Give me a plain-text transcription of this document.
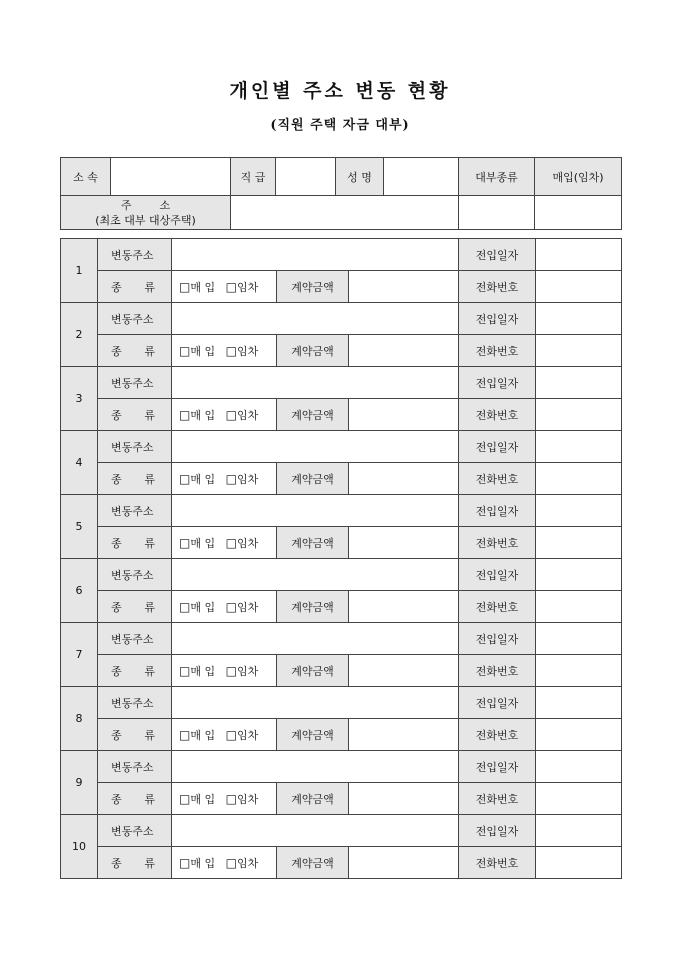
개인별 주소 변동 현황
(직원 주택 자금 대부)
소 속		직 급		성 명		대부종류	매입(임차)

주        소
(최초 대부 대상주택)							

1	변동주소				전입일자	

	종 류	□매 입 □임차	계약금액		전화번호	
2	변동주소				전입일자	

	종 류	□매 입 □임차	계약금액		전화번호	
3	변동주소				전입일자	

	종 류	□매 입 □임차	계약금액		전화번호	
4	변동주소				전입일자	

	종 류	□매 입 □임차	계약금액		전화번호	
5	변동주소				전입일자	

	종 류	□매 입 □임차	계약금액		전화번호	
6	변동주소				전입일자	

	종 류	□매 입 □임차	계약금액		전화번호	
7	변동주소				전입일자	

	종 류	□매 입 □임차	계약금액		전화번호	
8	변동주소				전입일자	

	종 류	□매 입 □임차	계약금액		전화번호	
9	변동주소				전입일자	

	종 류	□매 입 □임차	계약금액		전화번호	
10	변동주소				전입일자	

	종 류	□매 입 □임차	계약금액		전화번호	
